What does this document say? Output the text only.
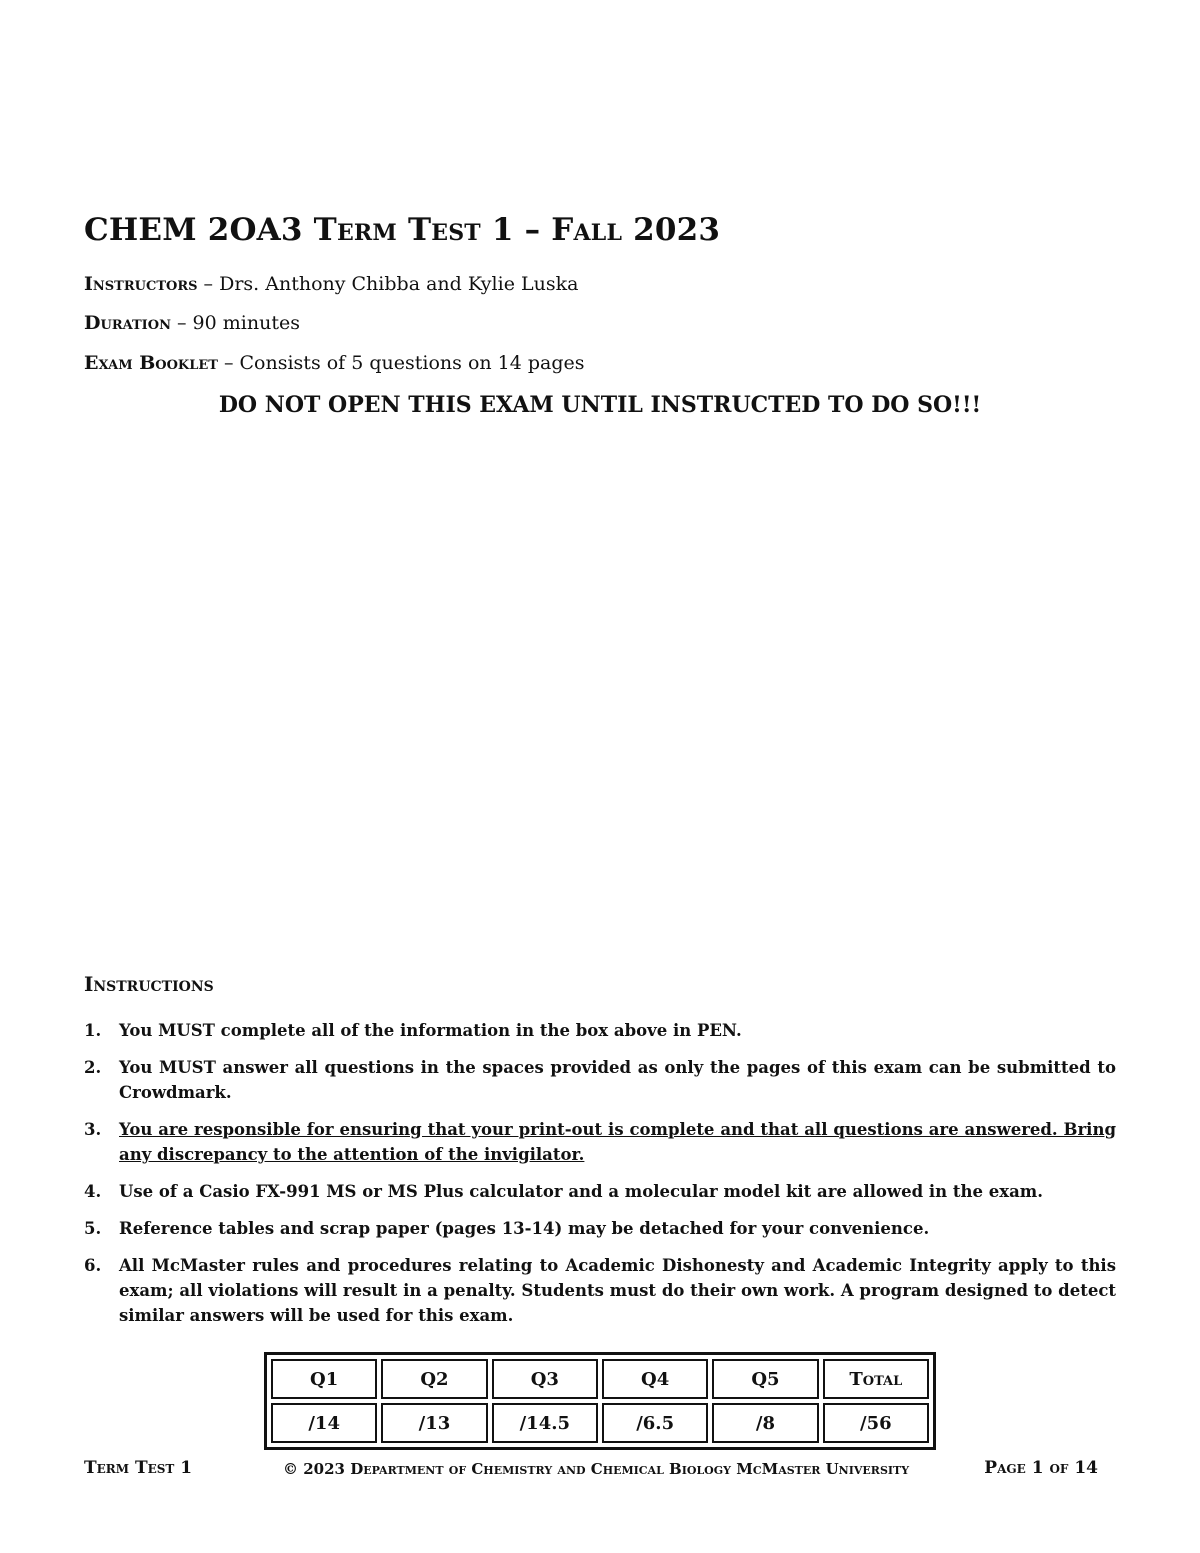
CHEM 2OA3 Term Test 1 – Fall 2023

Instructors – Drs. Anthony Chibba and Kylie Luska

Duration – 90 minutes

Exam Booklet – Consists of 5 questions on 14 pages

DO NOT OPEN THIS EXAM UNTIL INSTRUCTED TO DO SO!!!

Instructions
1. You MUST complete all of the information in the box above in PEN.
2. You MUST answer all questions in the spaces provided as only the pages of this exam can be submitted to Crowdmark.
3. You are responsible for ensuring that your print-out is complete and that all questions are answered. Bring any discrepancy to the attention of the invigilator.
4. Use of a Casio FX-991 MS or MS Plus calculator and a molecular model kit are allowed in the exam.
5. Reference tables and scrap paper (pages 13-14) may be detached for your convenience.
6. All McMaster rules and procedures relating to Academic Dishonesty and Academic Integrity apply to this exam; all violations will result in a penalty. Students must do their own work. A program designed to detect similar answers will be used for this exam.
Q1	Q2	Q3	Q4	Q5	Total
/14	/13	/14.5	/6.5	/8	/56
Term Test 1	© 2023 Department of Chemistry and Chemical Biology McMaster University	Page 1 of 14
